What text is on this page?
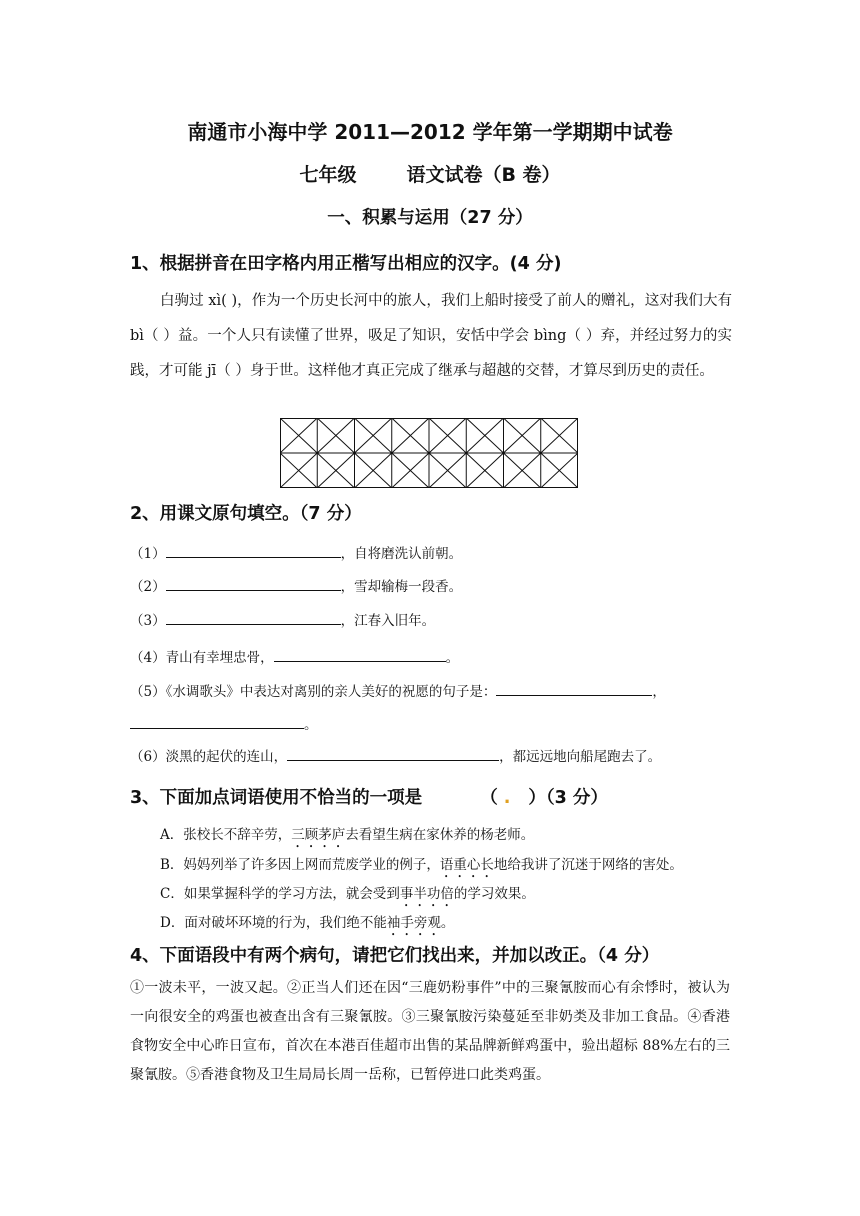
南通市小海中学 2011—2012 学年第一学期期中试卷
七年级	语文试卷（B 卷）
一、积累与运用（27 分）
1、根据拼音在田字格内用正楷写出相应的汉字。(4 分)
白驹过 xì( )，作为一个历史长河中的旅人，我们上船时接受了前人的赠礼，这对我们大有 bì（ ）益。一个人只有读懂了世界，吸足了知识，安恬中学会 bìng（ ）弃，并经过努力的实践，才可能 jī（ ）身于世。这样他才真正完成了继承与超越的交替，才算尽到历史的责任。
2、用课文原句填空。（7 分）
（1）	，自将磨洗认前朝。
（2）	，雪却输梅一段香。
（3）	，江春入旧年。
（4）青山有幸埋忠骨，	。
（5）《水调歌头》中表达对离别的亲人美好的祝愿的句子是：	，
。
（6）淡黑的起伏的连山，	，都远远地向船尾跑去了。
3、下面加点词语使用不恰当的一项是	（ . ）（3 分）
A．张校长不辞辛劳，三顾茅庐去看望生病在家休养的杨老师。
B．妈妈列举了许多因上网而荒废学业的例子，语重心长地给我讲了沉迷于网络的害处。
C．如果掌握科学的学习方法，就会受到事半功倍的学习效果。
D．面对破坏环境的行为，我们绝不能袖手旁观。
4、下面语段中有两个病句，请把它们找出来，并加以改正。（4 分）
①一波未平，一波又起。②正当人们还在因“三鹿奶粉事件”中的三聚氰胺而心有余悸时，被认为一向很安全的鸡蛋也被查出含有三聚氰胺。③三聚氰胺污染蔓延至非奶类及非加工食品。④香港食物安全中心昨日宣布，首次在本港百佳超市出售的某品牌新鲜鸡蛋中，验出超标 88%左右的三聚氰胺。⑤香港食物及卫生局局长周一岳称，已暂停进口此类鸡蛋。
